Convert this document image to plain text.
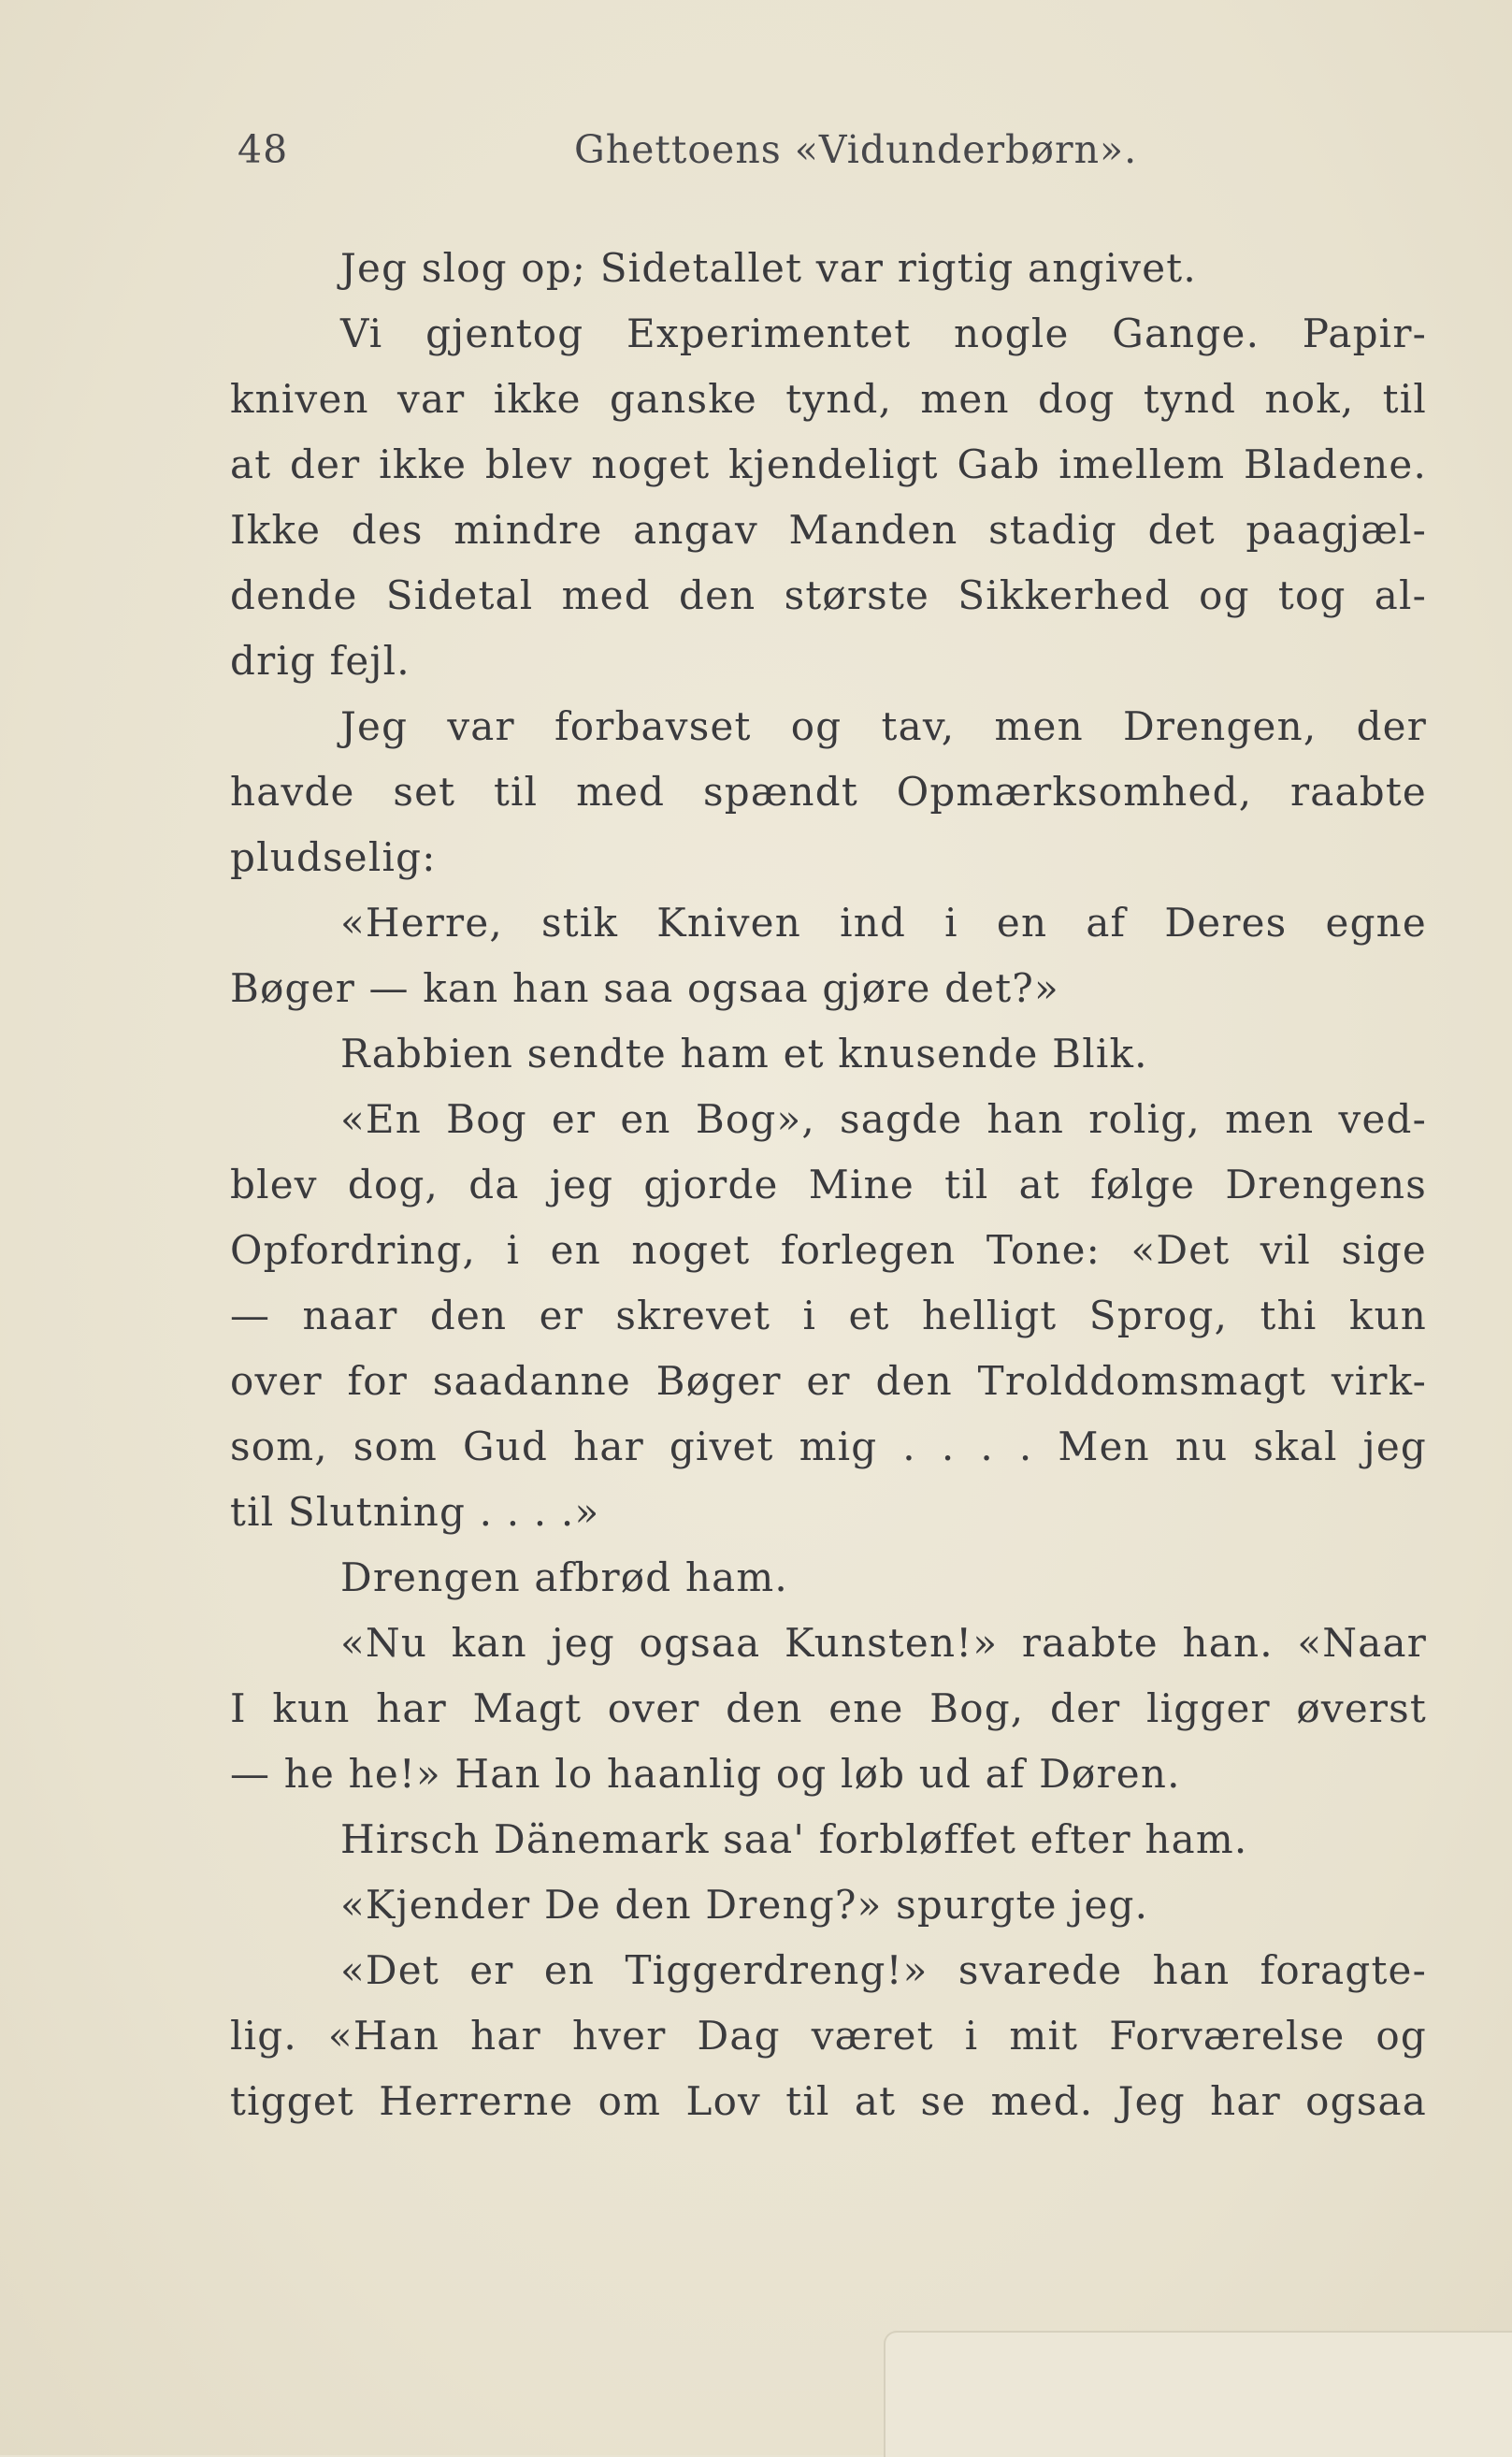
48	Ghettoens «Vidunderbørn».
Jeg slog op; Sidetallet var rigtig angivet.
Vi gjentog Experimentet nogle Gange. Papir-
kniven var ikke ganske tynd, men dog tynd nok, til
at der ikke blev noget kjendeligt Gab imellem Bladene.
Ikke des mindre angav Manden stadig det paagjæl-
dende Sidetal med den største Sikkerhed og tog al-
drig fejl.
Jeg var forbavset og tav, men Drengen, der
havde set til med spændt Opmærksomhed, raabte
pludselig:
«Herre, stik Kniven ind i en af Deres egne
Bøger — kan han saa ogsaa gjøre det?»
Rabbien sendte ham et knusende Blik.
«En Bog er en Bog», sagde han rolig, men ved-
blev dog, da jeg gjorde Mine til at følge Drengens
Opfordring, i en noget forlegen Tone: «Det vil sige
— naar den er skrevet i et helligt Sprog, thi kun
over for saadanne Bøger er den Trolddomsmagt virk-
som, som Gud har givet mig . . . . Men nu skal jeg
til Slutning . . . .»
Drengen afbrød ham.
«Nu kan jeg ogsaa Kunsten!» raabte han. «Naar
I kun har Magt over den ene Bog, der ligger øverst
— he he!» Han lo haanlig og løb ud af Døren.
Hirsch Dänemark saa' forbløffet efter ham.
«Kjender De den Dreng?» spurgte jeg.
«Det er en Tiggerdreng!» svarede han foragte-
lig. «Han har hver Dag været i mit Forværelse og
tigget Herrerne om Lov til at se med. Jeg har ogsaa
